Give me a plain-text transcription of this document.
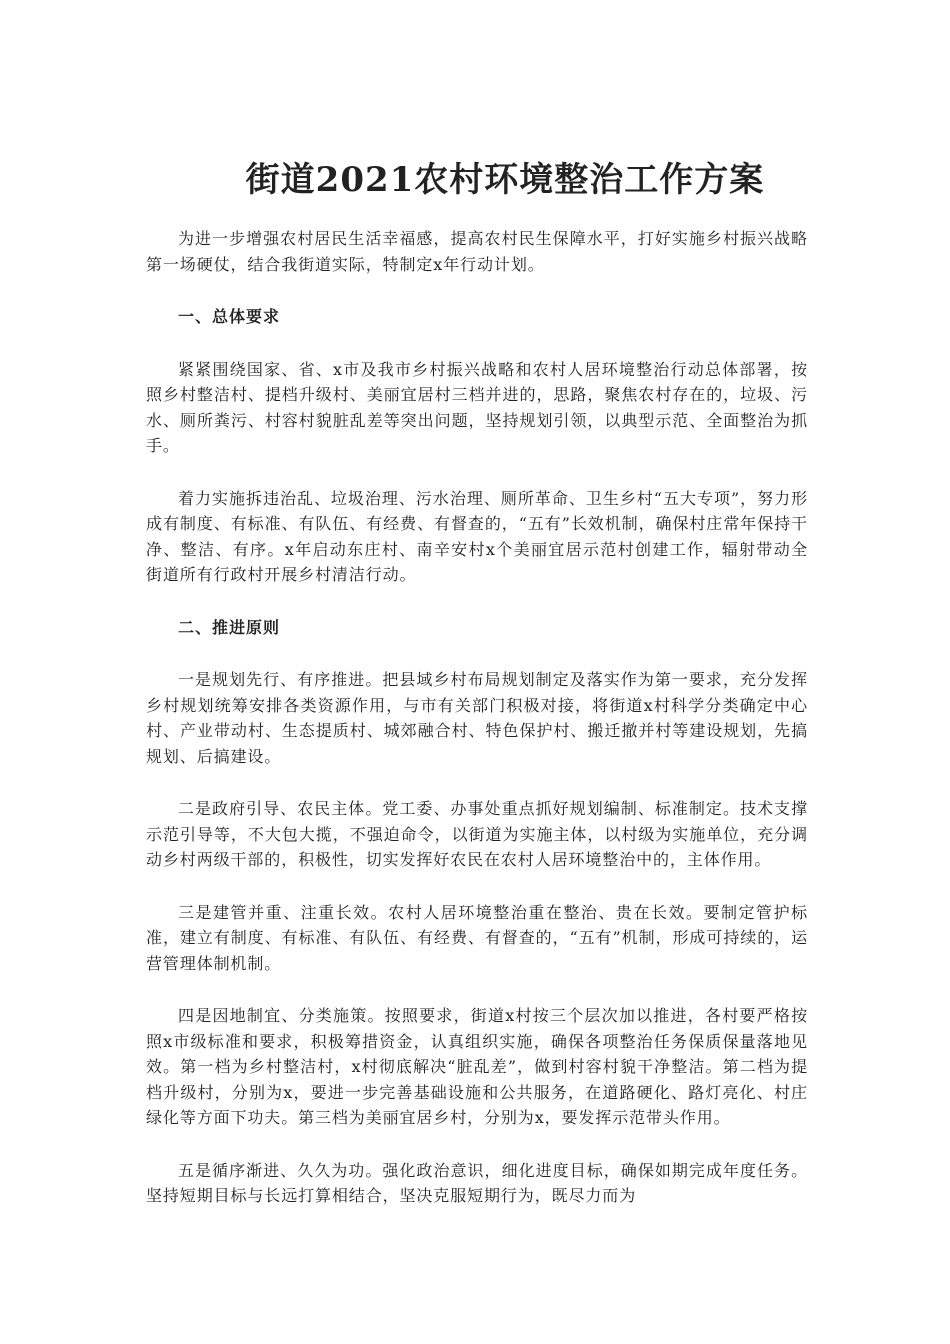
街道2021农村环境整治工作方案

为进一步增强农村居民生活幸福感，提高农村民生保障水平，打好实施乡村振兴战略第一场硬仗，结合我街道实际，特制定x年行动计划。

一、总体要求

紧紧围绕国家、省、x市及我市乡村振兴战略和农村人居环境整治行动总体部署，按照乡村整洁村、提档升级村、美丽宜居村三档并进的，思路，聚焦农村存在的，垃圾、污水、厕所粪污、村容村貌脏乱差等突出问题，坚持规划引领，以典型示范、全面整治为抓手。

着力实施拆违治乱、垃圾治理、污水治理、厕所革命、卫生乡村“五大专项”，努力形成有制度、有标准、有队伍、有经费、有督查的，“五有”长效机制，确保村庄常年保持干净、整洁、有序。x年启动东庄村、南辛安村x个美丽宜居示范村创建工作，辐射带动全街道所有行政村开展乡村清洁行动。

二、推进原则

一是规划先行、有序推进。把县域乡村布局规划制定及落实作为第一要求，充分发挥乡村规划统筹安排各类资源作用，与市有关部门积极对接，将街道x村科学分类确定中心村、产业带动村、生态提质村、城郊融合村、特色保护村、搬迁撤并村等建设规划，先搞规划、后搞建设。

二是政府引导、农民主体。党工委、办事处重点抓好规划编制、标准制定。技术支撑示范引导等，不大包大揽，不强迫命令，以街道为实施主体，以村级为实施单位，充分调动乡村两级干部的，积极性，切实发挥好农民在农村人居环境整治中的，主体作用。

三是建管并重、注重长效。农村人居环境整治重在整治、贵在长效。要制定管护标准，建立有制度、有标准、有队伍、有经费、有督查的，“五有”机制，形成可持续的，运营管理体制机制。

四是因地制宜、分类施策。按照要求，街道x村按三个层次加以推进，各村要严格按照x市级标准和要求，积极筹措资金，认真组织实施，确保各项整治任务保质保量落地见效。第一档为乡村整洁村，x村彻底解决“脏乱差”，做到村容村貌干净整洁。第二档为提档升级村，分别为x，要进一步完善基础设施和公共服务，在道路硬化、路灯亮化、村庄绿化等方面下功夫。第三档为美丽宜居乡村，分别为x，要发挥示范带头作用。

五是循序渐进、久久为功。强化政治意识，细化进度目标，确保如期完成年度任务。坚持短期目标与长远打算相结合，坚决克服短期行为，既尽力而为
